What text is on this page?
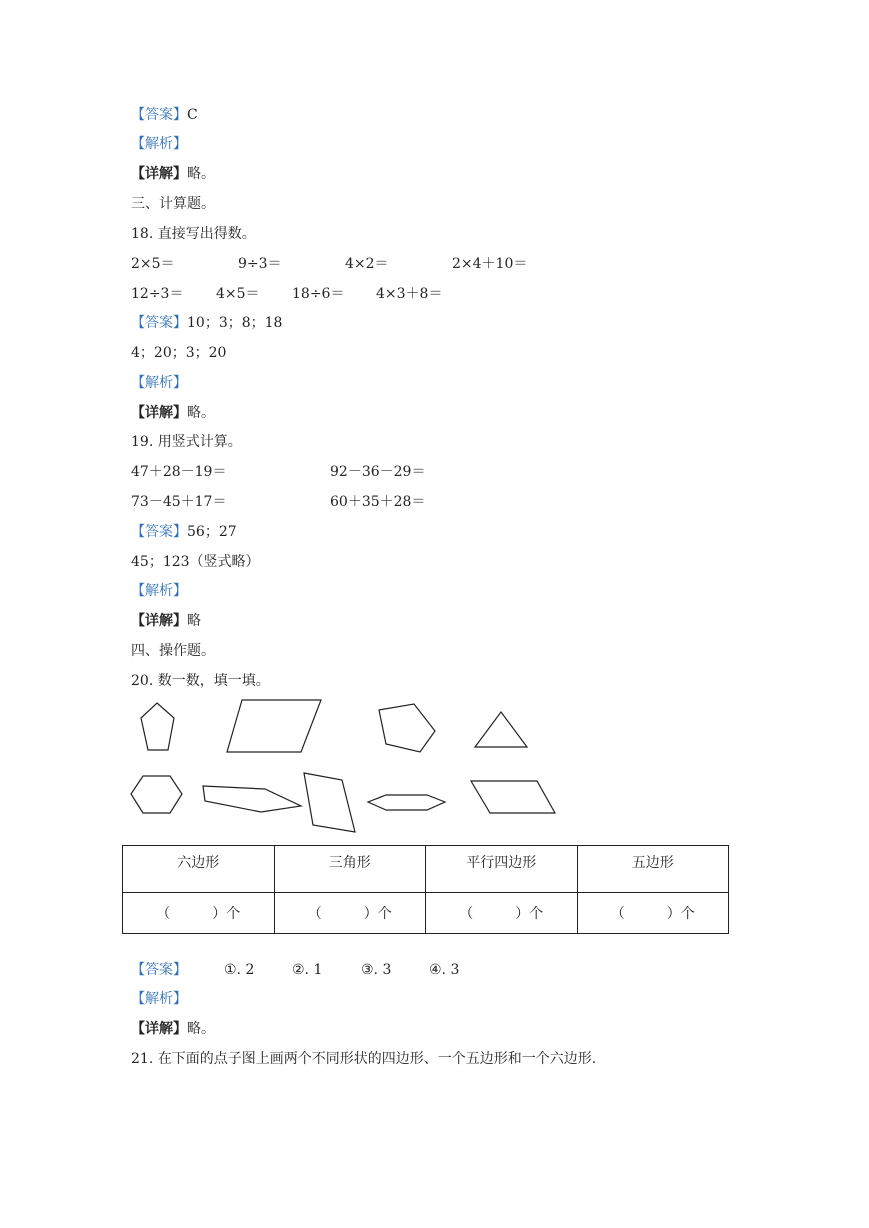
【答案】C
【解析】
【详解】略。
三、计算题。
18. 直接写出得数。
2×5＝	9÷3＝	4×2＝	2×4＋10＝
12÷3＝ 4×5＝ 18÷6＝ 4×3＋8＝
【答案】10；3；8；18
4；20；3；20
【解析】
【详解】略。
19. 用竖式计算。
47＋28－19＝	92－36－29＝
73－45＋17＝	60＋35＋28＝
【答案】56；27
45；123（竖式略）
【解析】
【详解】略
四、操作题。
20. 数一数，填一填。
六边形	三角形	平行四边形	五边形
（　　　）个	（　　　）个	（　　　）个	（　　　）个
【答案】	①. 2	②. 1	③. 3	④. 3
【解析】
【详解】略。
21. 在下面的点子图上画两个不同形状的四边形、一个五边形和一个六边形.
